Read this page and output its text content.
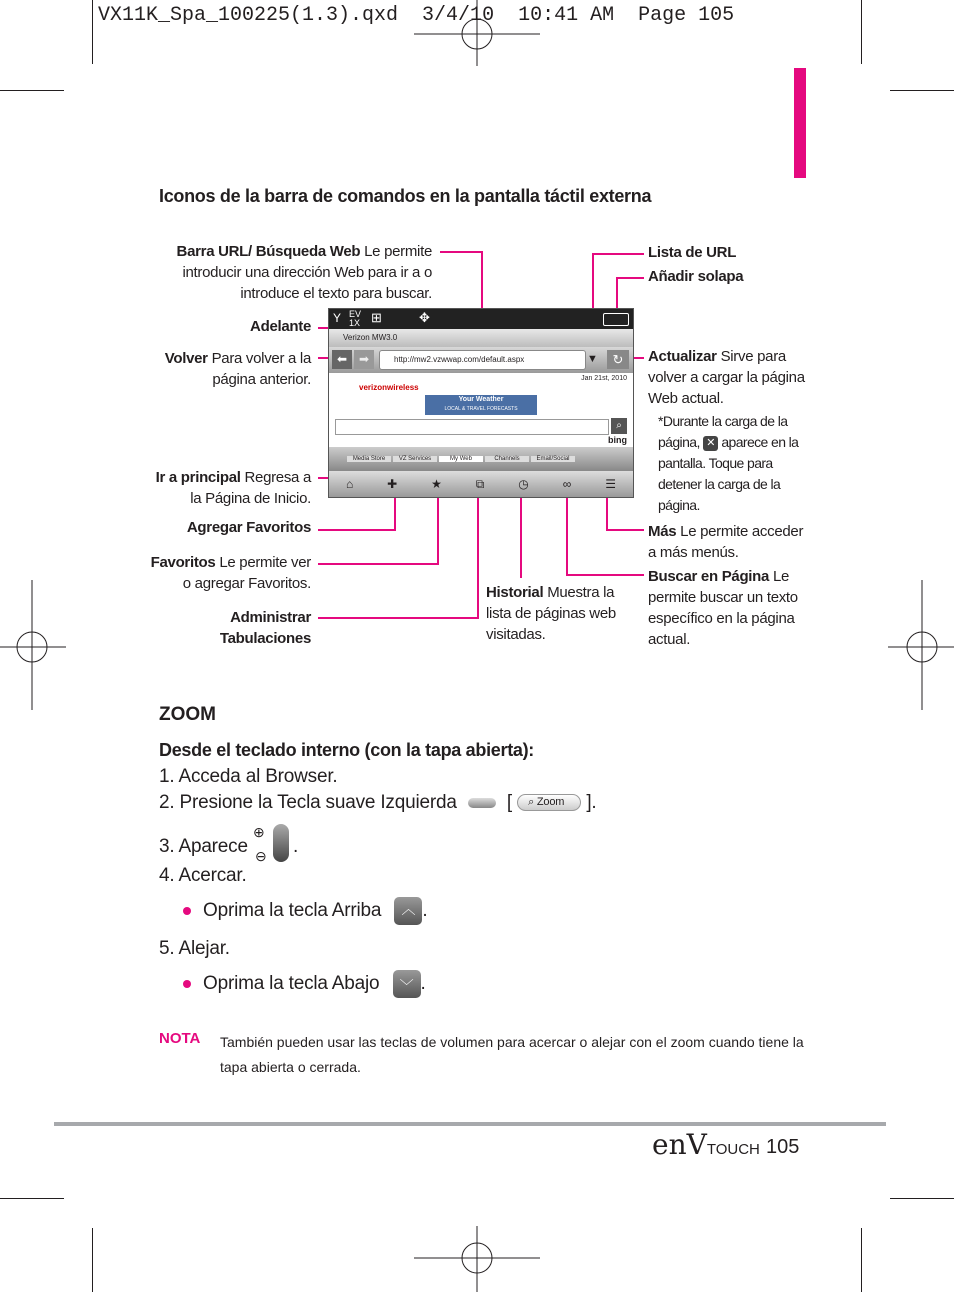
VX11K_Spa_100225(1.3).qxd  3/4/10  10:41 AM  Page 105
Iconos de la barra de comandos en la pantalla táctil externa
Barra URL/ Búsqueda Web Le permite introducir una dirección Web para ir a o introduce el texto para buscar.
Adelante
Volver Para volver a la página anterior.
Ir a principal Regresa a la Página de Inicio.
Agregar Favoritos
Favoritos Le permite ver o agregar Favoritos.
Administrar
Tabulaciones
Historial Muestra la lista de páginas web visitadas.
Lista de URL
Añadir solapa
Actualizar Sirve para volver a cargar la página Web actual.
*Durante la carga de la página, ✕ aparece en la pantalla. Toque para detener la carga de la página.
Más Le permite acceder a más menús.
Buscar en Página Le permite buscar un texto específico en la página actual.
Y EV
1X ⊞	✥
Verizon MW3.0
⬅ ➡	http://mw2.vzwwap.com/default.aspx	▼	↻
Jan 21st, 2010
verizonwireless
Your Weather
LOCAL & TRAVEL FORECASTS
⌕
bing
Media Store	VZ Services	My Web	Channels	Email/Social
⌂	✚	★	⧉	◷	∞	☰
ZOOM
Desde el teclado interno (con la tapa abierta):
1. Acceda al Browser.
2. Presione la Tecla suave Izquierda	[ ⌕ Zoom ].
3. Aparece
⊕
⊖ .
4. Acercar.
Oprima la tecla Arriba ︿ .
5. Alejar.
Oprima la tecla Abajo ﹀ .
NOTA También pueden usar las teclas de volumen para acercar o alejar con el zoom cuando tiene la tapa abierta o cerrada.
enVTOUCH 105
